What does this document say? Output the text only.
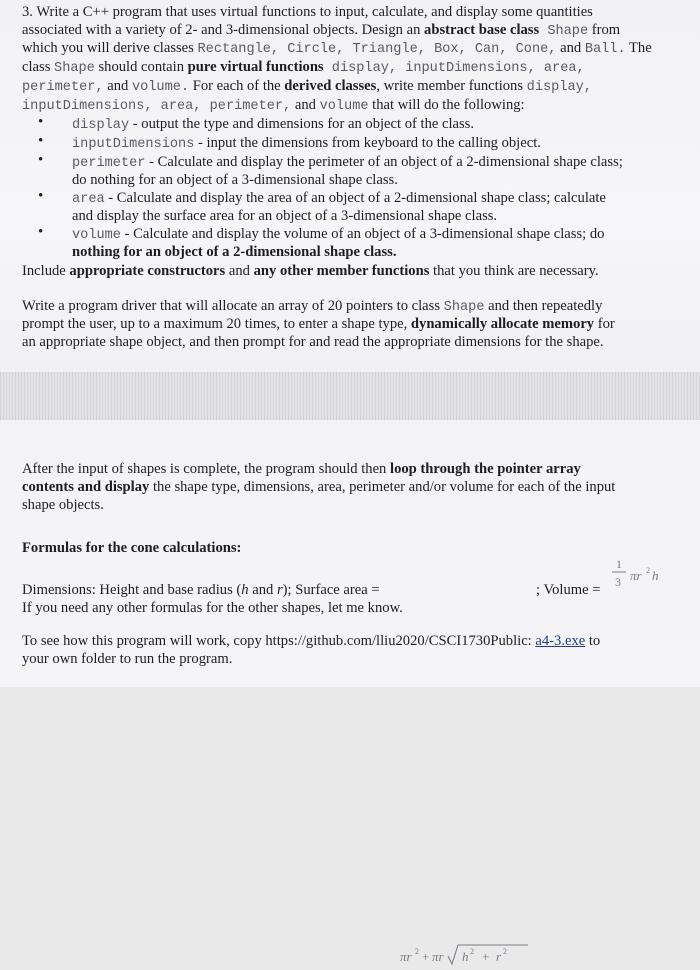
3. Write a C++ program that uses virtual functions to input, calculate, and display some quantities
associated with a variety of 2- and 3-dimensional objects. Design an abstract base class Shape from
which you will derive classes Rectangle, Circle, Triangle, Box, Can, Cone, and Ball. The
class Shape should contain pure virtual functions display, inputDimensions, area,
perimeter, and volume. For each of the derived classes, write member functions display,
inputDimensions, area, perimeter, and volume that will do the following:
• display - output the type and dimensions for an object of the class.
• inputDimensions - input the dimensions from keyboard to the calling object.
• perimeter - Calculate and display the perimeter of an object of a 2-dimensional shape class;
do nothing for an object of a 3-dimensional shape class.
• area - Calculate and display the area of an object of a 2-dimensional shape class; calculate
and display the surface area for an object of a 3-dimensional shape class.
• volume - Calculate and display the volume of an object of a 3-dimensional shape class; do
nothing for an object of a 2-dimensional shape class.
Include appropriate constructors and any other member functions that you think are necessary.
Write a program driver that will allocate an array of 20 pointers to class Shape and then repeatedly
prompt the user, up to a maximum 20 times, to enter a shape type, dynamically allocate memory for
an appropriate shape object, and then prompt for and read the appropriate dimensions for the shape.
After the input of shapes is complete, the program should then loop through the pointer array
contents and display the shape type, dimensions, area, perimeter and/or volume for each of the input
shape objects.
Formulas for the cone calculations:
Dimensions: Height and base radius (h and r); Surface area =
πr 2 + πr h 2 + r 2
; Volume =
1
3 πr 2 h
If you need any other formulas for the other shapes, let me know.
To see how this program will work, copy https://github.com/lliu2020/CSCI1730Public: a4-3.exe to
your own folder to run the program.
